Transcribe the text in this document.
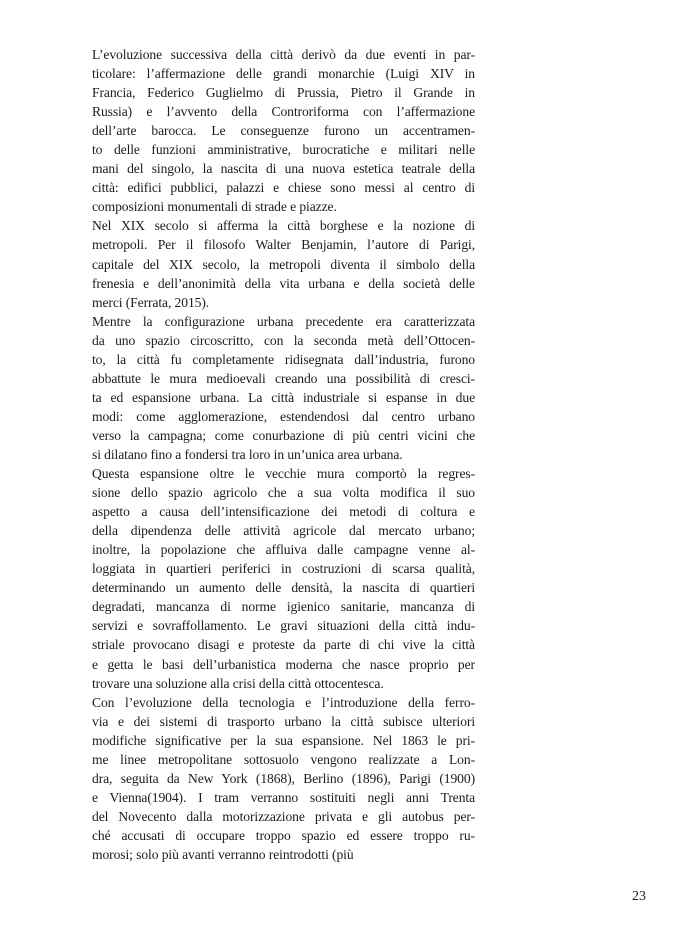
L’evoluzione successiva della città derivò da due eventi in par-
ticolare: l’affermazione delle grandi monarchie (Luigi XIV in
Francia, Federico Guglielmo di Prussia, Pietro il Grande in
Russia) e l’avvento della Controriforma con l’affermazione
dell’arte barocca. Le conseguenze furono un accentramen-
to delle funzioni amministrative, burocratiche e militari nelle
mani del singolo, la nascita di una nuova estetica teatrale della
città: edifici pubblici, palazzi e chiese sono messi al centro di
composizioni monumentali di strade e piazze.
Nel XIX secolo si afferma la città borghese e la nozione di
metropoli. Per il filosofo Walter Benjamin, l’autore di Parigi,
capitale del XIX secolo, la metropoli diventa il simbolo della
frenesia e dell’anonimità della vita urbana e della società delle
merci (Ferrata, 2015).
Mentre la configurazione urbana precedente era caratterizzata
da uno spazio circoscritto, con la seconda metà dell’Ottocen-
to, la città fu completamente ridisegnata dall’industria, furono
abbattute le mura medioevali creando una possibilità di cresci-
ta ed espansione urbana. La città industriale si espanse in due
modi: come agglomerazione, estendendosi dal centro urbano
verso la campagna; come conurbazione di più centri vicini che
si dilatano fino a fondersi tra loro in un’unica area urbana.
Questa espansione oltre le vecchie mura comportò la regres-
sione dello spazio agricolo che a sua volta modifica il suo
aspetto a causa dell’intensificazione dei metodi di coltura e
della dipendenza delle attività agricole dal mercato urbano;
inoltre, la popolazione che affluiva dalle campagne venne al-
loggiata in quartieri periferici in costruzioni di scarsa qualità,
determinando un aumento delle densità, la nascita di quartieri
degradati, mancanza di norme igienico sanitarie, mancanza di
servizi e sovraffollamento. Le gravi situazioni della città indu-
striale provocano disagi e proteste da parte di chi vive la città
e getta le basi dell’urbanistica moderna che nasce proprio per
trovare una soluzione alla crisi della città ottocentesca.
Con l’evoluzione della tecnologia e l’introduzione della ferro-
via e dei sistemi di trasporto urbano la città subisce ulteriori
modifiche significative per la sua espansione. Nel 1863 le pri-
me linee metropolitane sottosuolo vengono realizzate a Lon-
dra, seguita da New York (1868), Berlino (1896), Parigi (1900)
e Vienna(1904). I tram verranno sostituiti negli anni Trenta
del Novecento dalla motorizzazione privata e gli autobus per-
ché accusati di occupare troppo spazio ed essere troppo ru-
morosi; solo più avanti verranno reintrodotti (più
23
